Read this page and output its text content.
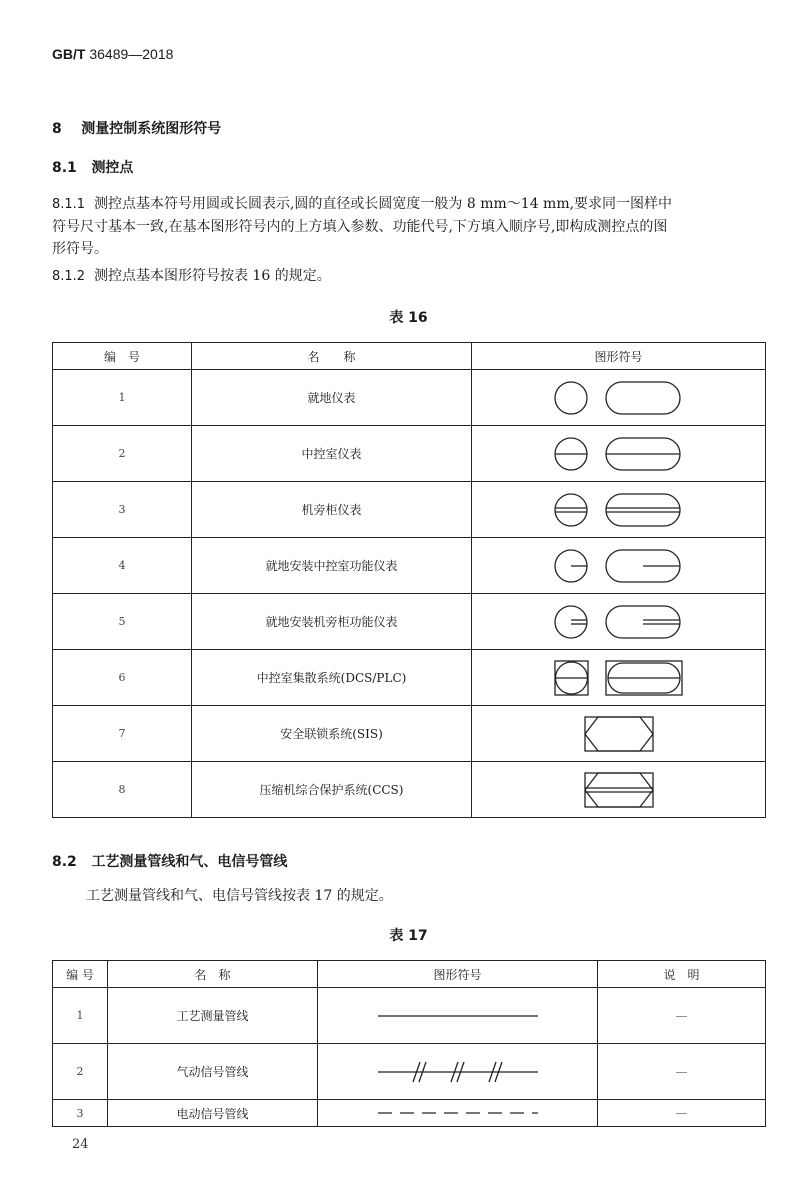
GB/T 36489—2018
8 测量控制系统图形符号
8.1 测控点
8.1.1 测控点基本符号用圆或长圆表示,圆的直径或长圆宽度一般为 8 mm～14 mm,要求同一图样中
符号尺寸基本一致,在基本图形符号内的上方填入参数、功能代号,下方填入顺序号,即构成测控点的图
形符号。
8.1.2 测控点基本图形符号按表 16 的规定。
表 16
编　号	名　　称	图形符号
1	就地仪表	

2	中控室仪表	

3	机旁柜仪表	

4	就地安装中控室功能仪表	

5	就地安装机旁柜功能仪表	

6	中控室集散系统(DCS/PLC)	

7	安全联锁系统(SIS)	

8	压缩机综合保护系统(CCS)	
8.2 工艺测量管线和气、电信号管线
工艺测量管线和气、电信号管线按表 17 的规定。
表 17
编 号	名　称	图形符号	说　明
1	工艺测量管线		—
2	气动信号管线		—
3	电动信号管线		—
24
